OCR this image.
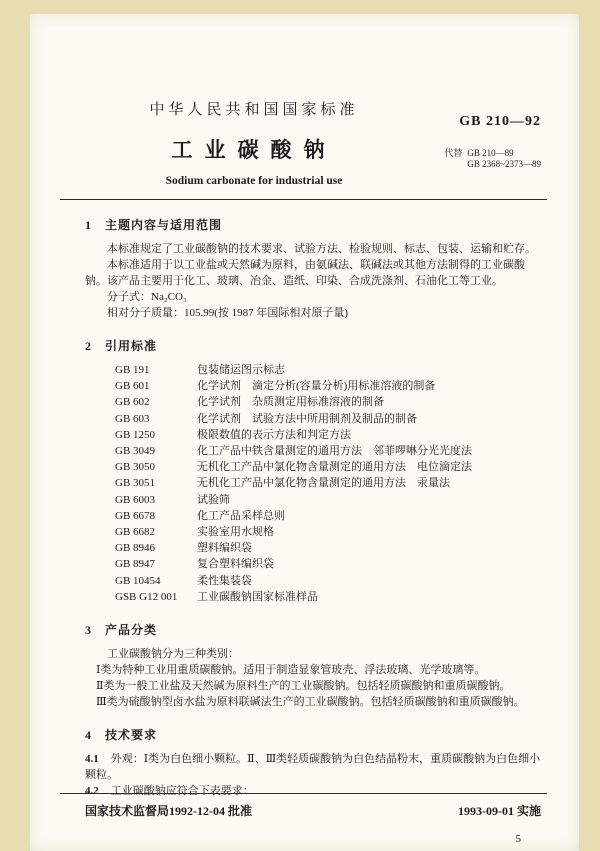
中华人民共和国国家标准
工业碳酸钠
Sodium carbonate for industrial use
GB 210—92
代替 GB 210—89
GB 2368~2373—89
1　主题内容与适用范围

本标准规定了工业碳酸钠的技术要求、试验方法、检验规则、标志、包装、运输和贮存。

本标准适用于以工业盐或天然碱为原料，由氨碱法、联碱法或其他方法制得的工业碳酸钠。该产品主要用于化工、玻璃、冶金、造纸、印染、合成洗涤剂、石油化工等工业。

分子式：Na₂CO₃

相对分子质量：105.99(按 1987 年国际相对原子量)

2　引用标准
GB 191	包装储运图示标志
GB 601	化学试剂　滴定分析(容量分析)用标准溶液的制备
GB 602	化学试剂　杂质测定用标准溶液的制备
GB 603	化学试剂　试验方法中所用制剂及制品的制备
GB 1250	极限数值的表示方法和判定方法
GB 3049	化工产品中铁含量测定的通用方法　邻菲啰啉分光光度法
GB 3050	无机化工产品中氯化物含量测定的通用方法　电位滴定法
GB 3051	无机化工产品中氯化物含量测定的通用方法　汞量法
GB 6003	试验筛
GB 6678	化工产品采样总则
GB 6682	实验室用水规格
GB 8946	塑料编织袋
GB 8947	复合塑料编织袋
GB 10454	柔性集装袋
GSB G12 001 工业碳酸钠国家标准样品
3　产品分类

工业碳酸钠分为三种类别：

Ⅰ类为特种工业用重质碳酸钠。适用于制造显象管玻壳、浮法玻璃、光学玻璃等。

Ⅱ类为一般工业盐及天然碱为原料生产的工业碳酸钠。包括轻质碳酸钠和重质碳酸钠。

Ⅲ类为硫酸钠型卤水盐为原料联碱法生产的工业碳酸钠。包括轻质碳酸钠和重质碳酸钠。

4　技术要求

4.1 外观：Ⅰ类为白色细小颗粒。Ⅱ、Ⅲ类轻质碳酸钠为白色结晶粉末，重质碳酸钠为白色细小颗粒。

4.2 工业碳酸钠应符合下表要求：

国家技术监督局1992-12-04 批准	1993-09-01 实施
5
